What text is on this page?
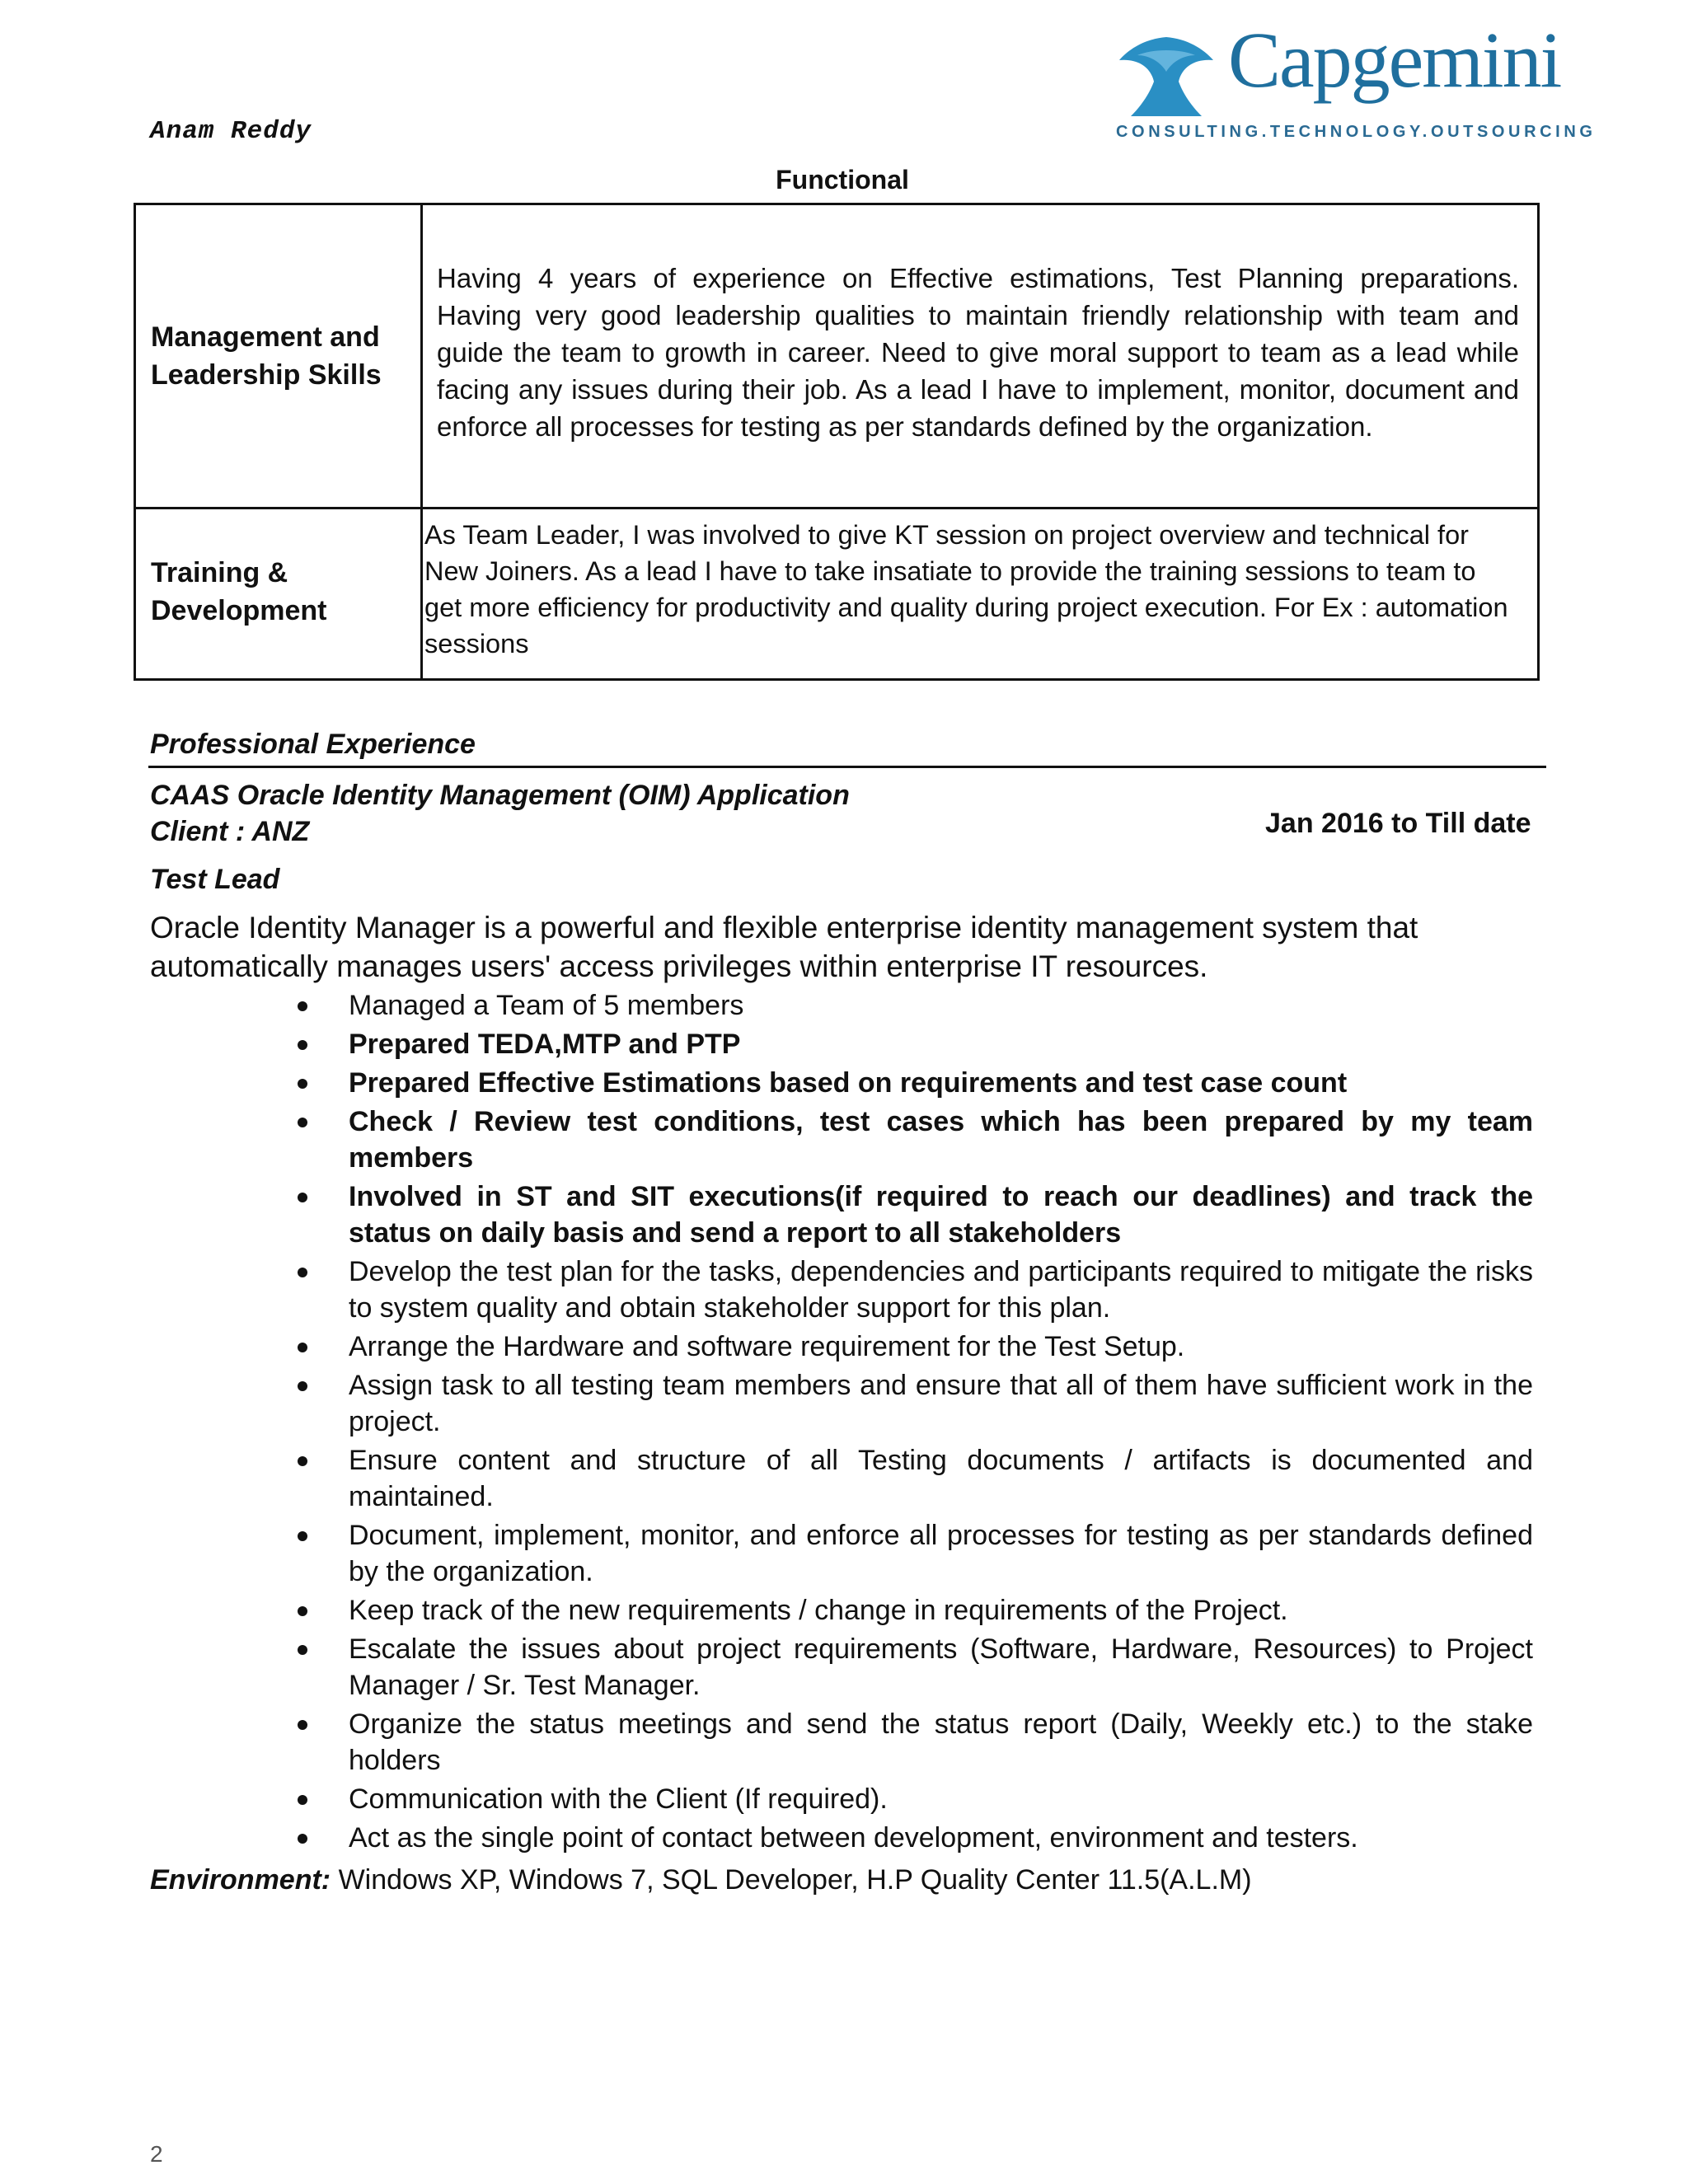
Anam Reddy
Capgemini
CONSULTING.TECHNOLOGY.OUTSOURCING
Functional
Management and Leadership Skills
Having 4 years of experience on Effective estimations, Test Planning preparations. Having very good leadership qualities to maintain friendly relationship with team and guide the team to growth in career. Need to give moral support to team as a lead while facing any issues during their job. As a lead I have to implement, monitor, document and enforce all processes for testing as per standards defined by the organization.
Training & Development
As Team Leader, I was involved to give KT session on project overview and technical for New Joiners. As a lead I have to take insatiate to provide the training sessions to team to get more efficiency for productivity and quality during project execution. For Ex : automation sessions
Professional Experience
CAAS Oracle Identity Management (OIM) Application
Client : ANZ	Jan 2016 to Till date
Test Lead
Oracle Identity Manager is a powerful and flexible enterprise identity management system that automatically manages users' access privileges within enterprise IT resources.
Managed a Team of 5 members
Prepared TEDA,MTP and PTP
Prepared Effective Estimations based on requirements and test case count
Check / Review test conditions, test cases which has been prepared by my team members
Involved in ST and SIT executions(if required to reach our deadlines) and track the status on daily basis and send a report to all stakeholders
Develop the test plan for the tasks, dependencies and participants required to mitigate the risks to system quality and obtain stakeholder support for this plan.
Arrange the Hardware and software requirement for the Test Setup.
Assign task to all testing team members and ensure that all of them have sufficient work in the project.
Ensure content and structure of all Testing documents / artifacts is documented and maintained.
Document, implement, monitor, and enforce all processes for testing as per standards defined by the organization.
Keep track of the new requirements / change in requirements of the Project.
Escalate the issues about project requirements (Software, Hardware, Resources) to Project Manager / Sr. Test Manager.
Organize the status meetings and send the status report (Daily, Weekly etc.) to the stake holders
Communication with the Client (If required).
Act as the single point of contact between development, environment and testers.
Environment: Windows XP, Windows 7, SQL Developer, H.P Quality Center 11.5(A.L.M)
2
